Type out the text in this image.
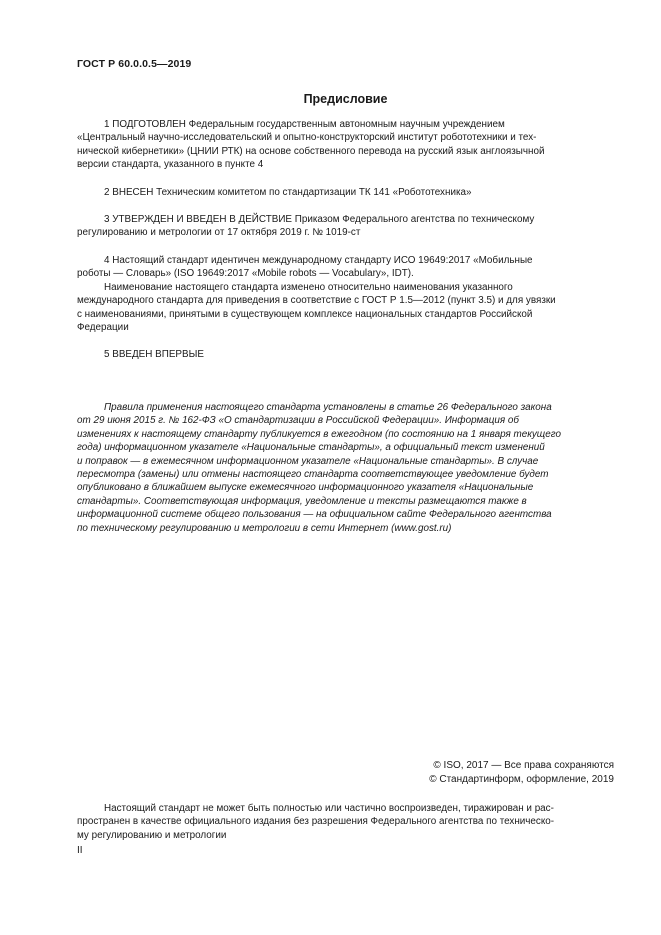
ГОСТ Р 60.0.0.5—2019
Предисловие

1 ПОДГОТОВЛЕН Федеральным государственным автономным научным учреждением

«Центральный научно-исследовательский и опытно-конструкторский институт робототехники и тех-

нической кибернетики» (ЦНИИ РТК) на основе собственного перевода на русский язык англоязычной

версии стандарта, указанного в пункте 4

2 ВНЕСЕН Техническим комитетом по стандартизации ТК 141 «Робототехника»

3 УТВЕРЖДЕН И ВВЕДЕН В ДЕЙСТВИЕ Приказом Федерального агентства по техническому

регулированию и метрологии от 17 октября 2019 г. № 1019-ст

4 Настоящий стандарт идентичен международному стандарту ИСО 19649:2017 «Мобильные

роботы — Словарь» (ISO 19649:2017 «Mobile robots — Vocabulary», IDT).

Наименование настоящего стандарта изменено относительно наименования указанного

международного стандарта для приведения в соответствие с ГОСТ Р 1.5—2012 (пункт 3.5) и для увязки

с наименованиями, принятыми в существующем комплексе национальных стандартов Российской

Федерации

5 ВВЕДЕН ВПЕРВЫЕ

Правила применения настоящего стандарта установлены в статье 26 Федерального закона

от 29 июня 2015 г. № 162-ФЗ «О стандартизации в Российской Федерации». Информация об

изменениях к настоящему стандарту публикуется в ежегодном (по состоянию на 1 января текущего

года) информационном указателе «Национальные стандарты», а официальный текст изменений

и поправок — в ежемесячном информационном указателе «Национальные стандарты». В случае

пересмотра (замены) или отмены настоящего стандарта соответствующее уведомление будет

опубликовано в ближайшем выпуске ежемесячного информационного указателя «Национальные

стандарты». Соответствующая информация, уведомление и тексты размещаются также в

информационной системе общего пользования — на официальном сайте Федерального агентства

по техническому регулированию и метрологии в сети Интернет (www.gost.ru)

© ISO, 2017 — Все права сохраняются
© Стандартинформ, оформление, 2019

Настоящий стандарт не может быть полностью или частично воспроизведен, тиражирован и рас-

пространен в качестве официального издания без разрешения Федерального агентства по техническо-

му регулированию и метрологии

II
